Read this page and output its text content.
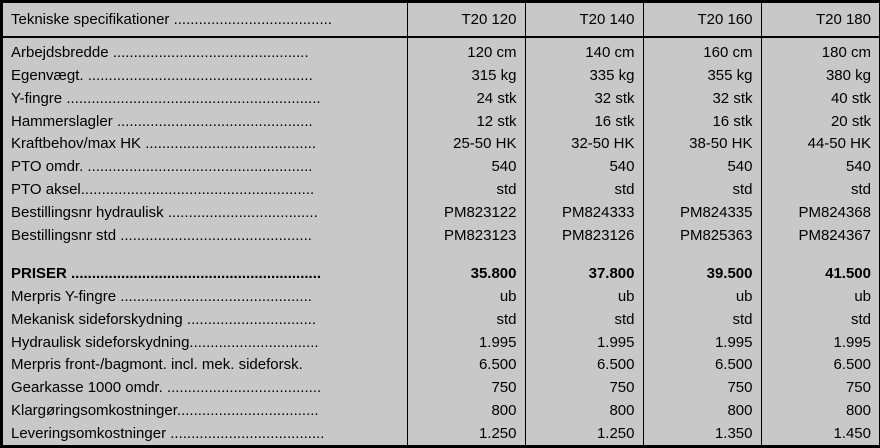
Tekniske specifikationer ......................................	T20 120	T20 140	T20 160	T20 180
Arbejdsbredde ...............................................	120 cm	140 cm	160 cm	180 cm
Egenvægt. ......................................................	315 kg	335 kg	355 kg	380 kg
Y-fingre .............................................................	24 stk	32 stk	32 stk	40 stk
Hammerslagler ...............................................	12 stk	16 stk	16 stk	20 stk
Kraftbehov/max HK .........................................	25-50 HK	32-50 HK	38-50 HK	44-50 HK
PTO omdr. ......................................................	540	540	540	540
PTO aksel........................................................	std	std	std	std
Bestillingsnr hydraulisk ....................................	PM823122	PM824333	PM824335	PM824368
Bestillingsnr std ..............................................	PM823123	PM823126	PM825363	PM824367

PRISER ............................................................	35.800	37.800	39.500	41.500
Merpris Y-fingre ..............................................	ub	ub	ub	ub
Mekanisk sideforskydning ...............................	std	std	std	std
Hydraulisk sideforskydning...............................	1.995	1.995	1.995	1.995
Merpris front-/bagmont. incl. mek. sideforsk.	6.500	6.500	6.500	6.500
Gearkasse 1000 omdr. .....................................	750	750	750	750
Klargøringsomkostninger..................................	800	800	800	800
Leveringsomkostninger .....................................	1.250	1.250	1.350	1.450
